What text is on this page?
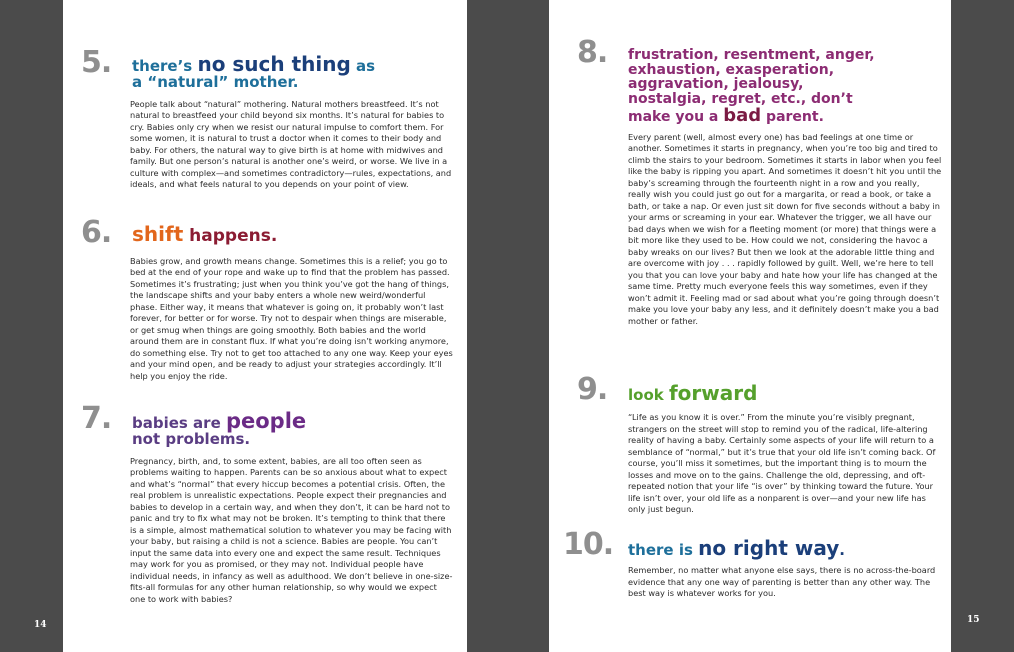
5. there’s no such thing as
a “natural” mother.

People talk about “natural” mothering. Natural mothers breastfeed. It’s not natural to breastfeed your child beyond six months. It’s natural for babies to cry. Babies only cry when we resist our natural impulse to comfort them. For some women, it is natural to trust a doctor when it comes to their body and baby. For others, the natural way to give birth is at home with midwives and family. But one person’s natural is another one’s weird, or worse. We live in a culture with complex—and sometimes contradictory—rules, expectations, and ideals, and what feels natural to you depends on your point of view.

6.	shift happens.

Babies grow, and growth means change. Sometimes this is a relief; you go to bed at the end of your rope and wake up to find that the problem has passed. Sometimes it’s frustrating; just when you think you’ve got the hang of things, the landscape shifts and your baby enters a whole new weird/wonderful phase. Either way, it means that whatever is going on, it probably won’t last forever, for better or for worse. Try not to despair when things are miserable, or get smug when things are going smoothly. Both babies and the world around them are in constant flux. If what you’re doing isn’t working anymore, do something else. Try not to get too attached to any one way. Keep your eyes and your mind open, and be ready to adjust your strategies accordingly. It’ll help you enjoy the ride.

7. babies are people
not problems.

Pregnancy, birth, and, to some extent, babies, are all too often seen as problems waiting to happen. Parents can be so anxious about what to expect and what’s “normal” that every hiccup becomes a potential crisis. Often, the real problem is unrealistic expectations. People expect their pregnancies and babies to develop in a certain way, and when they don’t, it can be hard not to panic and try to fix what may not be broken. It’s tempting to think that there is a simple, almost mathematical solution to whatever you may be facing with your baby, but raising a child is not a science. Babies are people. You can’t input the same data into every one and expect the same result. Techniques may work for you as promised, or they may not. Individual people have individual needs, in infancy as well as adulthood. We don’t believe in one-size-fits-all formulas for any other human relationship, so why would we expect one to work with babies?

8. frustration, resentment, anger,
exhaustion, exasperation,
aggravation, jealousy,
nostalgia, regret, etc., don’t
make you a bad parent.

Every parent (well, almost every one) has bad feelings at one time or another. Sometimes it starts in pregnancy, when you’re too big and tired to climb the stairs to your bedroom. Sometimes it starts in labor when you feel like the baby is ripping you apart. And sometimes it doesn’t hit you until the baby’s screaming through the fourteenth night in a row and you really, really wish you could just go out for a margarita, or read a book, or take a bath, or take a nap. Or even just sit down for five seconds without a baby in your arms or screaming in your ear. Whatever the trigger, we all have our bad days when we wish for a fleeting moment (or more) that things were a bit more like they used to be. How could we not, considering the havoc a baby wreaks on our lives? But then we look at the adorable little thing and are overcome with joy . . . rapidly followed by guilt. Well, we’re here to tell you that you can love your baby and hate how your life has changed at the same time. Pretty much everyone feels this way sometimes, even if they won’t admit it. Feeling mad or sad about what you’re going through doesn’t make you love your baby any less, and it definitely doesn’t make you a bad mother or father.

9.	look forward

“Life as you know it is over.” From the minute you’re visibly pregnant, strangers on the street will stop to remind you of the radical, life-altering reality of having a baby. Certainly some aspects of your life will return to a semblance of “normal,” but it’s true that your old life isn’t coming back. Of course, you’ll miss it sometimes, but the important thing is to mourn the losses and move on to the gains. Challenge the old, depressing, and oft-repeated notion that your life “is over” by thinking toward the future. Your life isn’t over, your old life as a nonparent is over—and your new life has only just begun.

10. there is no right way.

Remember, no matter what anyone else says, there is no across-the-board evidence that any one way of parenting is better than any other way. The best way is whatever works for you.

14	15
